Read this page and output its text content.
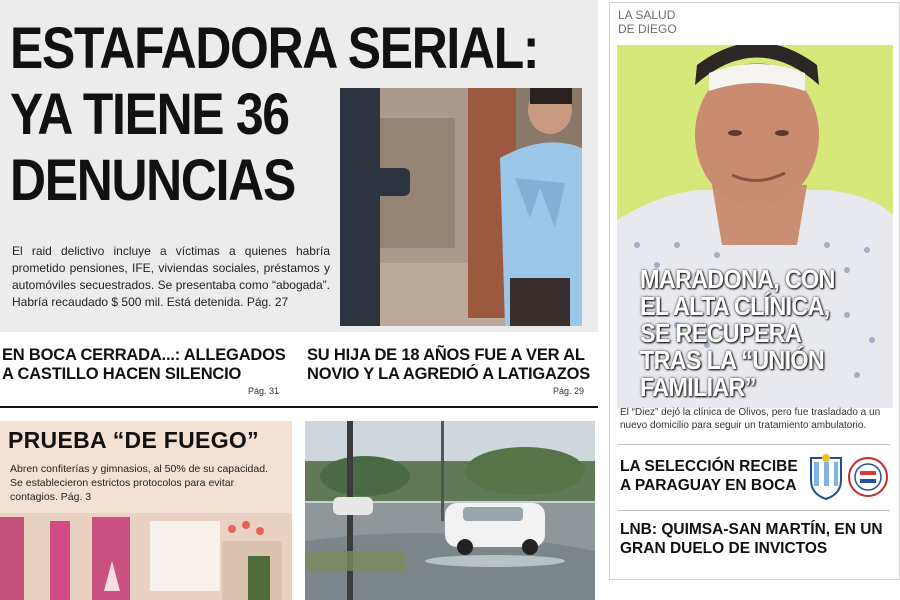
ESTAFADORA SERIAL:
YA TIENE 36
DENUNCIAS

El raid delictivo incluye a víctimas a quienes habría prometido pensiones, IFE, viviendas sociales, préstamos y automóviles secuestrados. Se presentaba como “abogada”. Habría recaudado $ 500 mil. Está detenida. Pág. 27

EN BOCA CERRADA...: ALLEGADOS A CASTILLO HACEN SILENCIO
Pág. 31
SU HIJA DE 18 AÑOS FUE A VER AL NOVIO Y LA AGREDIÓ A LATIGAZOS
Pág. 29
PRUEBA “DE FUEGO”

Abren confiterías y gimnasios, al 50% de su capacidad. Se establecieron estrictos protocolos para evitar contagios. Pág. 3

LA SALUD
DE DIEGO
MARADONA, CON EL ALTA CLÍNICA, SE RECUPERA TRAS LA “UNIÓN FAMILIAR”

El “Diez” dejó la clínica de Olivos, pero fue trasladado a un nuevo domicilio para seguir un tratamiento ambulatorio.

LA SELECCIÓN RECIBE A PARAGUAY EN BOCA
LNB: QUIMSA-SAN MARTÍN, EN UN GRAN DUELO DE INVICTOS
